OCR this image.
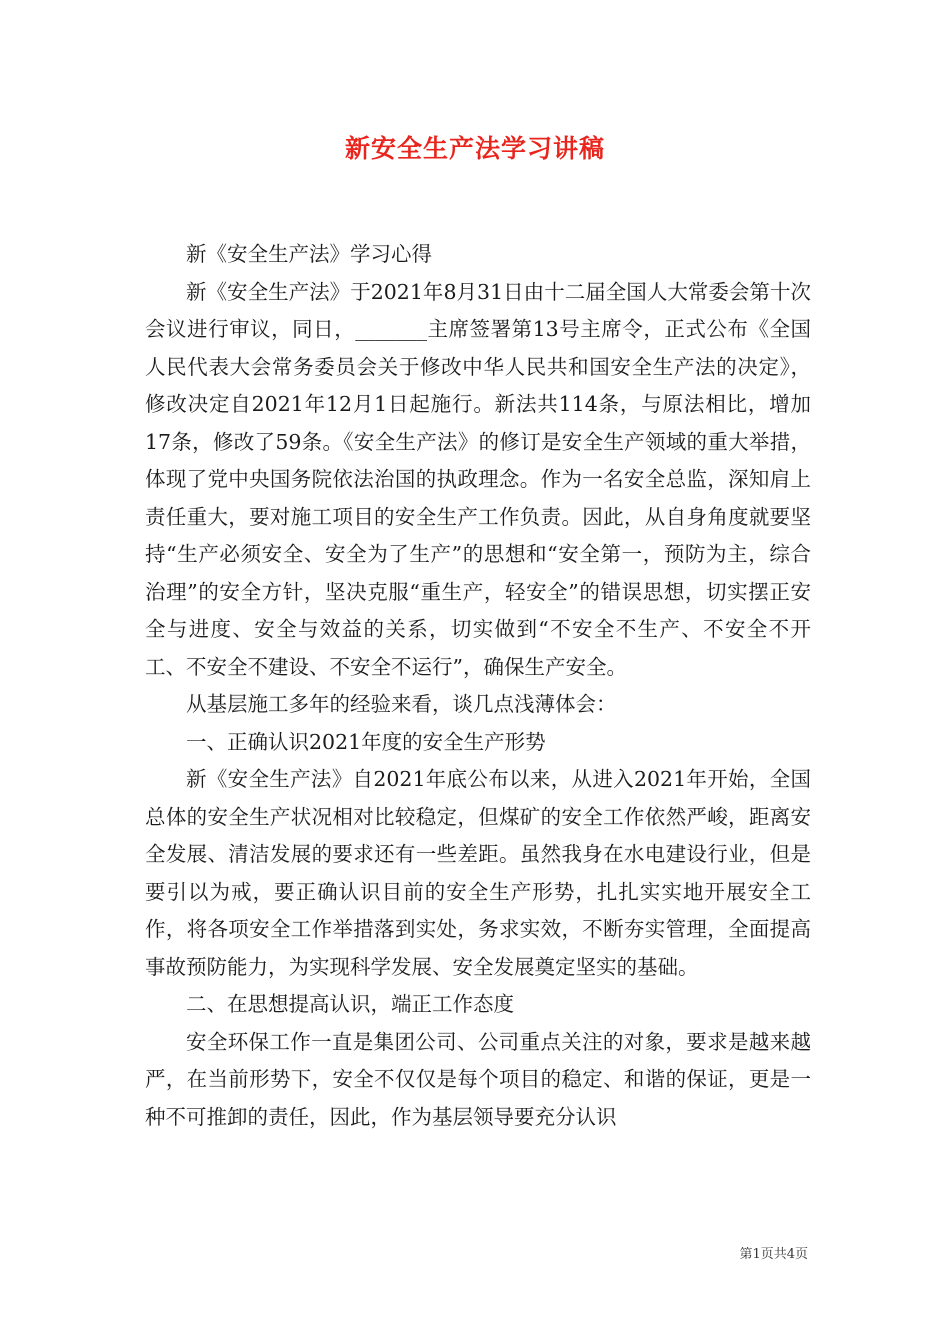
新安全生产法学习讲稿

新《安全生产法》学习心得

新《安全生产法》于2021年8月31日由十二届全国人大常委会第十次会议进行审议，同日，_______主席签署第13号主席令，正式公布《全国人民代表大会常务委员会关于修改中华人民共和国安全生产法的决定》，修改决定自2021年12月1日起施行。新法共114条，与原法相比，增加17条，修改了59条。《安全生产法》的修订是安全生产领域的重大举措，体现了党中央国务院依法治国的执政理念。作为一名安全总监，深知肩上责任重大，要对施工项目的安全生产工作负责。因此，从自身角度就要坚持“生产必须安全、安全为了生产”的思想和“安全第一，预防为主，综合治理”的安全方针，坚决克服“重生产，轻安全”的错误思想，切实摆正安全与进度、安全与效益的关系，切实做到“不安全不生产、不安全不开工、不安全不建设、不安全不运行”，确保生产安全。

从基层施工多年的经验来看，谈几点浅薄体会：

一、正确认识2021年度的安全生产形势

新《安全生产法》自2021年底公布以来，从进入2021年开始，全国总体的安全生产状况相对比较稳定，但煤矿的安全工作依然严峻，距离安全发展、清洁发展的要求还有一些差距。虽然我身在水电建设行业，但是要引以为戒，要正确认识目前的安全生产形势，扎扎实实地开展安全工作，将各项安全工作举措落到实处，务求实效，不断夯实管理，全面提高事故预防能力，为实现科学发展、安全发展奠定坚实的基础。

二、在思想提高认识，端正工作态度

安全环保工作一直是集团公司、公司重点关注的对象，要求是越来越严，在当前形势下，安全不仅仅是每个项目的稳定、和谐的保证，更是一种不可推卸的责任，因此，作为基层领导要充分认识

第1页共4页
